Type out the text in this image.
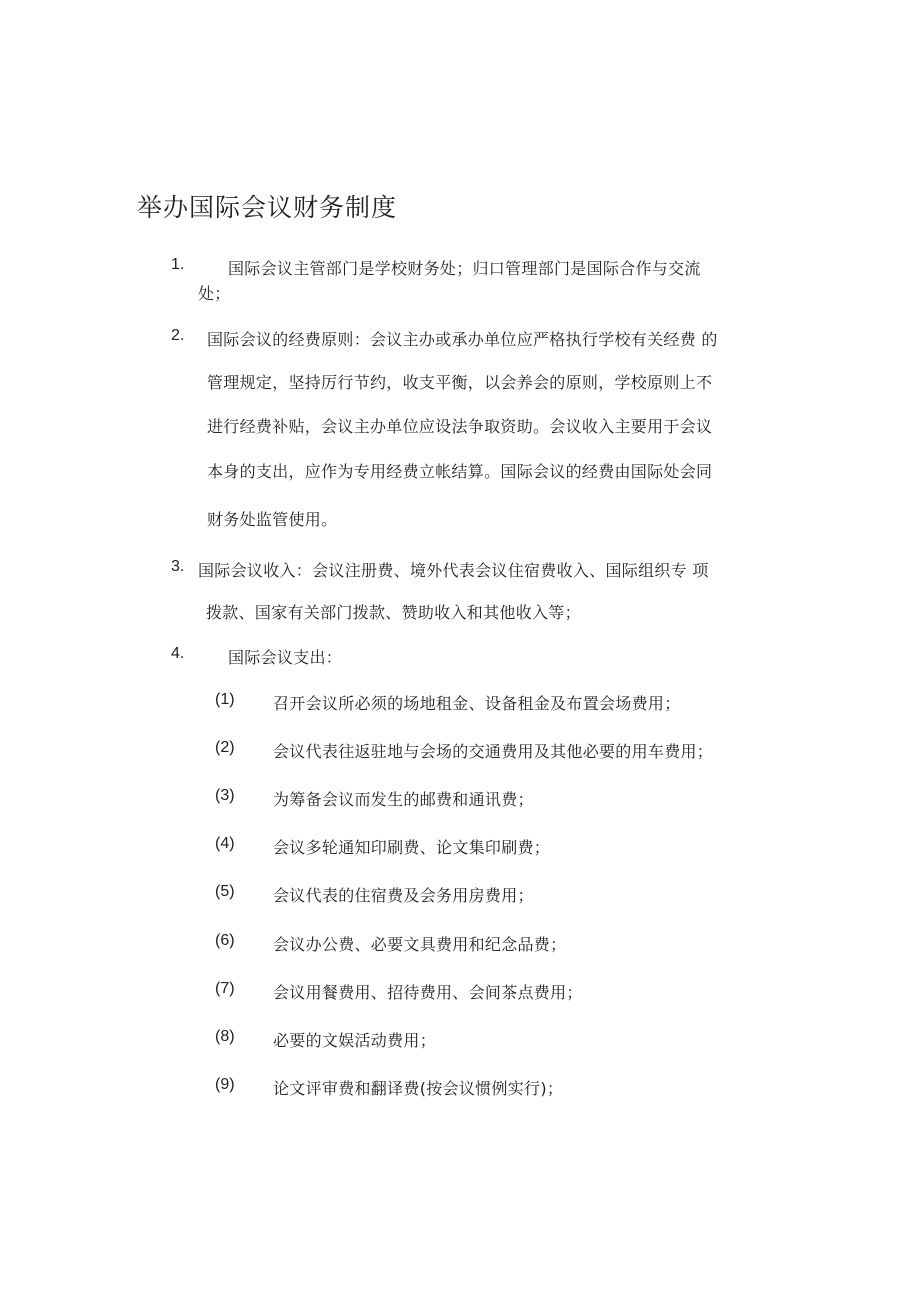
举办国际会议财务制度
1.	国际会议主管部门是学校财务处；归口管理部门是国际合作与交流
处；
2. 国际会议的经费原则：会议主办或承办单位应严格执行学校有关经费 的
管理规定，坚持厉行节约，收支平衡，以会养会的原则，学校原则上不
进行经费补贴，会议主办单位应设法争取资助。会议收入主要用于会议
本身的支出，应作为专用经费立帐结算。国际会议的经费由国际处会同
财务处监管使用。
3. 国际会议收入：会议注册费、境外代表会议住宿费收入、国际组织专 项
拨款、国家有关部门拨款、赞助收入和其他收入等；
4.	国际会议支出：
(1) 召开会议所必须的场地租金、设备租金及布置会场费用；
(2) 会议代表往返驻地与会场的交通费用及其他必要的用车费用；
(3) 为筹备会议而发生的邮费和通讯费；
(4) 会议多轮通知印刷费、论文集印刷费；
(5) 会议代表的住宿费及会务用房费用；
(6) 会议办公费、必要文具费用和纪念品费；
(7) 会议用餐费用、招待费用、会间茶点费用；
(8) 必要的文娱活动费用；
(9) 论文评审费和翻译费(按会议惯例实行)；
